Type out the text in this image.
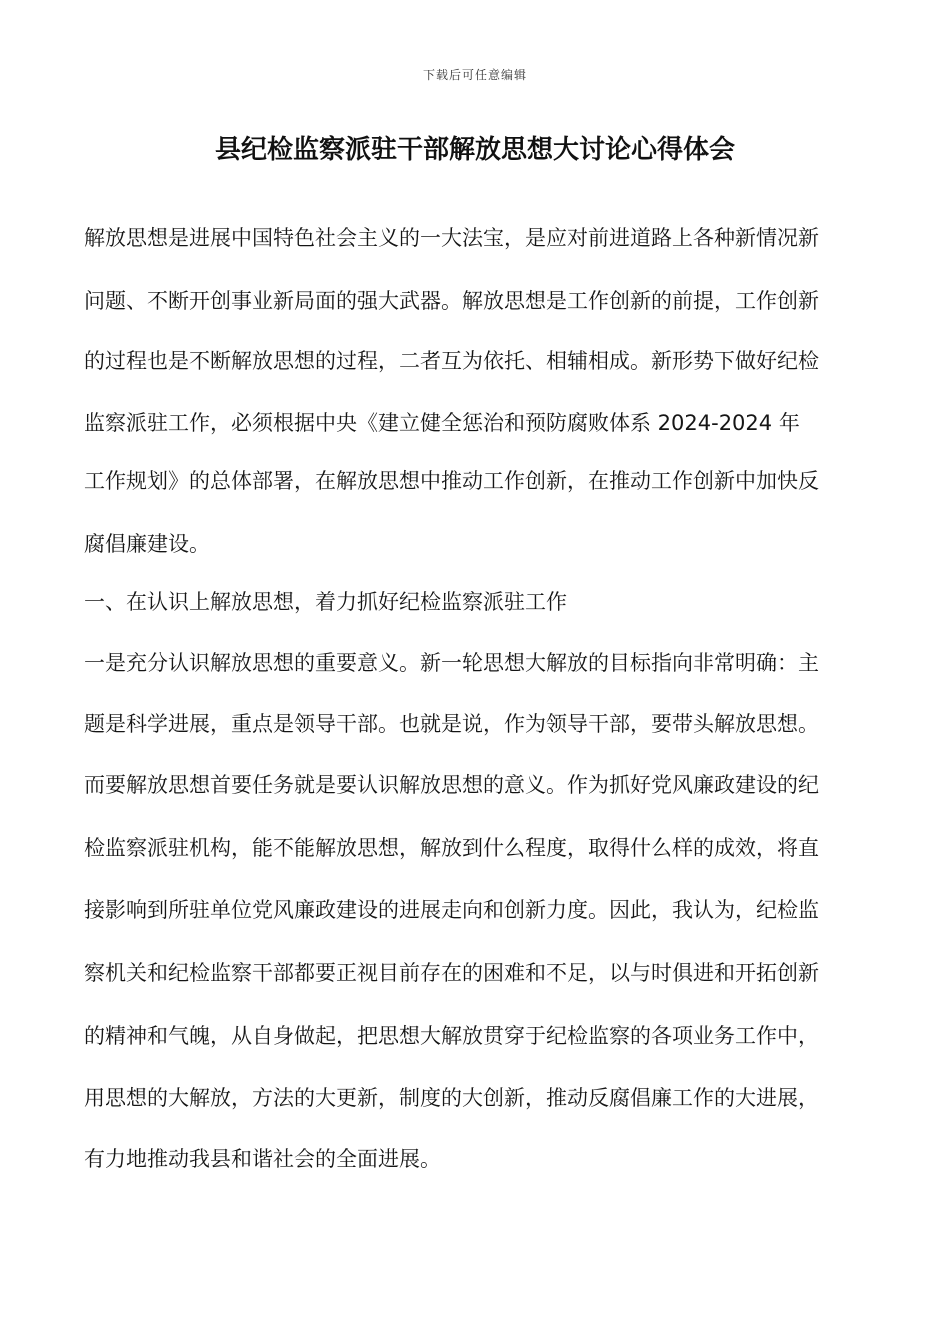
下载后可任意编辑
县纪检监察派驻干部解放思想大讨论心得体会
解放思想是进展中国特色社会主义的一大法宝，是应对前进道路上各种新情况新
问题、不断开创事业新局面的强大武器。解放思想是工作创新的前提，工作创新
的过程也是不断解放思想的过程，二者互为依托、相辅相成。新形势下做好纪检
监察派驻工作，必须根据中央《建立健全惩治和预防腐败体系 2024-2024 年
工作规划》的总体部署，在解放思想中推动工作创新，在推动工作创新中加快反
腐倡廉建设。
一、在认识上解放思想，着力抓好纪检监察派驻工作
一是充分认识解放思想的重要意义。新一轮思想大解放的目标指向非常明确：主
题是科学进展，重点是领导干部。也就是说，作为领导干部，要带头解放思想。
而要解放思想首要任务就是要认识解放思想的意义。作为抓好党风廉政建设的纪
检监察派驻机构，能不能解放思想，解放到什么程度，取得什么样的成效，将直
接影响到所驻单位党风廉政建设的进展走向和创新力度。因此，我认为，纪检监
察机关和纪检监察干部都要正视目前存在的困难和不足，以与时俱进和开拓创新
的精神和气魄，从自身做起，把思想大解放贯穿于纪检监察的各项业务工作中，
用思想的大解放，方法的大更新，制度的大创新，推动反腐倡廉工作的大进展，
有力地推动我县和谐社会的全面进展。
